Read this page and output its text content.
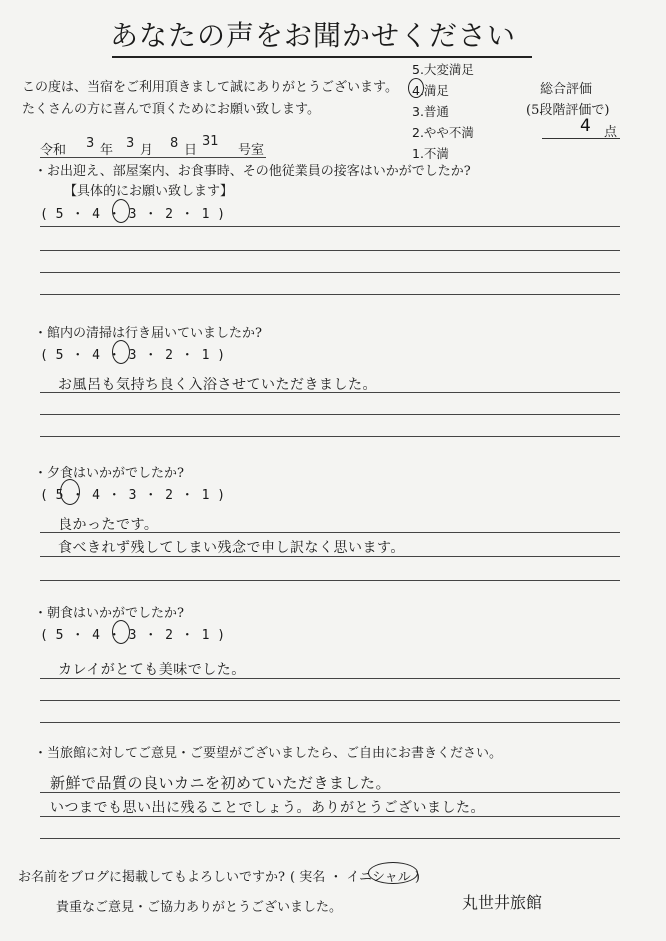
あなたの声をお聞かせください
この度は、当宿をご利用頂きまして誠にありがとうございます。
たくさんの方に喜んで頂くためにお願い致します。
5.大変満足
4.満足
3.普通
2.やや不満
1.不満
総合評価
(5段階評価で)
4 点
令和 3 年 3 月 8 日
31
号室
・お出迎え、部屋案内、お食事時、その他従業員の接客はいかがでしたか?
【具体的にお願い致します】
( 5 ・ 4 ・ 3 ・ 2 ・ 1 )
・館内の清掃は行き届いていましたか?
( 5 ・ 4 ・ 3 ・ 2 ・ 1 )
お風呂も気持ち良く入浴させていただきました。
・夕食はいかがでしたか?
( 5 ・ 4 ・ 3 ・ 2 ・ 1 )
良かったです。
食べきれず残してしまい残念で申し訳なく思います。
・朝食はいかがでしたか?
( 5 ・ 4 ・ 3 ・ 2 ・ 1 )
カレイがとても美味でした。
・当旅館に対してご意見・ご要望がございましたら、ご自由にお書きください。
新鮮で品質の良いカニを初めていただきました。
いつまでも思い出に残ることでしょう。ありがとうございました。
お名前をブログに掲載してもよろしいですか? ( 実名 ・ イニシャル )
貴重なご意見・ご協力ありがとうございました。	丸世井旅館
